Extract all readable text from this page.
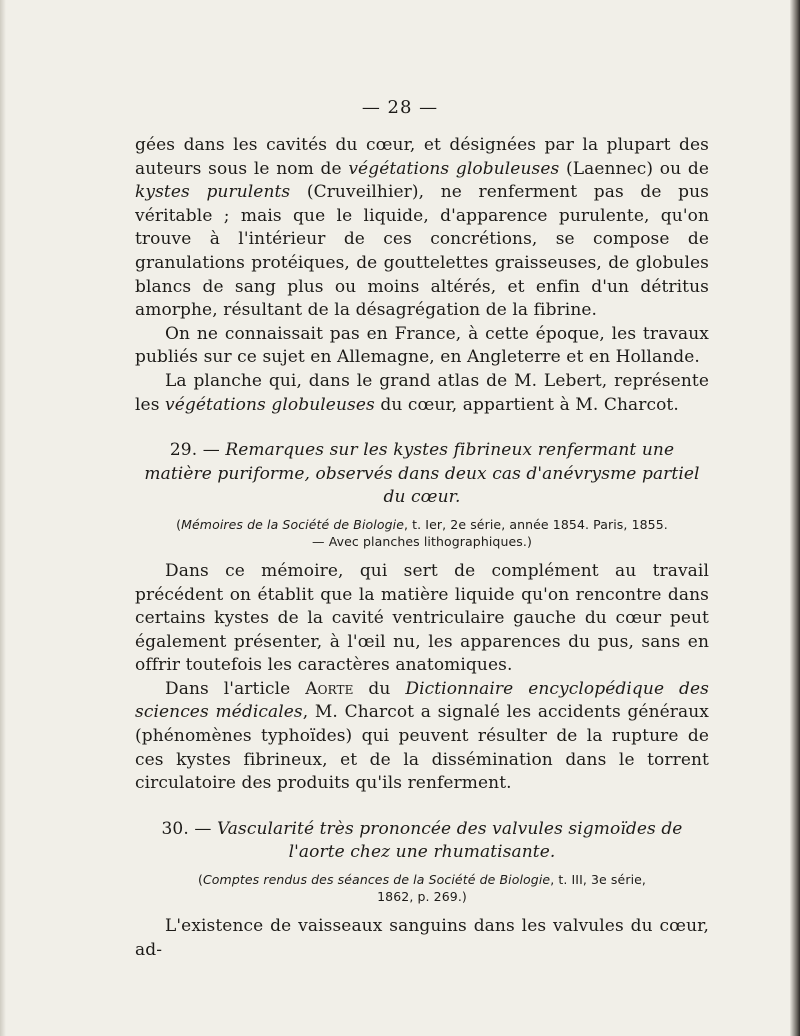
— 28 —

gées dans les cavités du cœur, et désignées par la plupart des auteurs sous le nom de végétations globuleuses (Laennec) ou de kystes purulents (Cruveilhier), ne renferment pas de pus véritable ; mais que le liquide, d'apparence purulente, qu'on trouve à l'intérieur de ces concrétions, se compose de granulations protéiques, de gouttelettes graisseuses, de globules blancs de sang plus ou moins altérés, et enfin d'un détritus amorphe, résultant de la désagrégation de la fibrine.

On ne connaissait pas en France, à cette époque, les travaux publiés sur ce sujet en Allemagne, en Angleterre et en Hollande.

La planche qui, dans le grand atlas de M. Lebert, représente les végétations globuleuses du cœur, appartient à M. Charcot.

29. — Remarques sur les kystes fibrineux renfermant une matière puriforme, observés dans deux cas d'anévrysme partiel du cœur.
(Mémoires de la Société de Biologie, t. Ier, 2e série, année 1854. Paris, 1855.
— Avec planches lithographiques.)

Dans ce mémoire, qui sert de complément au travail précédent on établit que la matière liquide qu'on rencontre dans certains kystes de la cavité ventriculaire gauche du cœur peut également présenter, à l'œil nu, les apparences du pus, sans en offrir toutefois les caractères anatomiques.

Dans l'article Aorte du Dictionnaire encyclopédique des sciences médicales, M. Charcot a signalé les accidents généraux (phénomènes typhoïdes) qui peuvent résulter de la rupture de ces kystes fibrineux, et de la dissémination dans le torrent circulatoire des produits qu'ils renferment.

30. — Vascularité très prononcée des valvules sigmoïdes de l'aorte chez une rhumatisante.
(Comptes rendus des séances de la Société de Biologie, t. III, 3e série,
1862, p. 269.)

L'existence de vaisseaux sanguins dans les valvules du cœur, ad-
